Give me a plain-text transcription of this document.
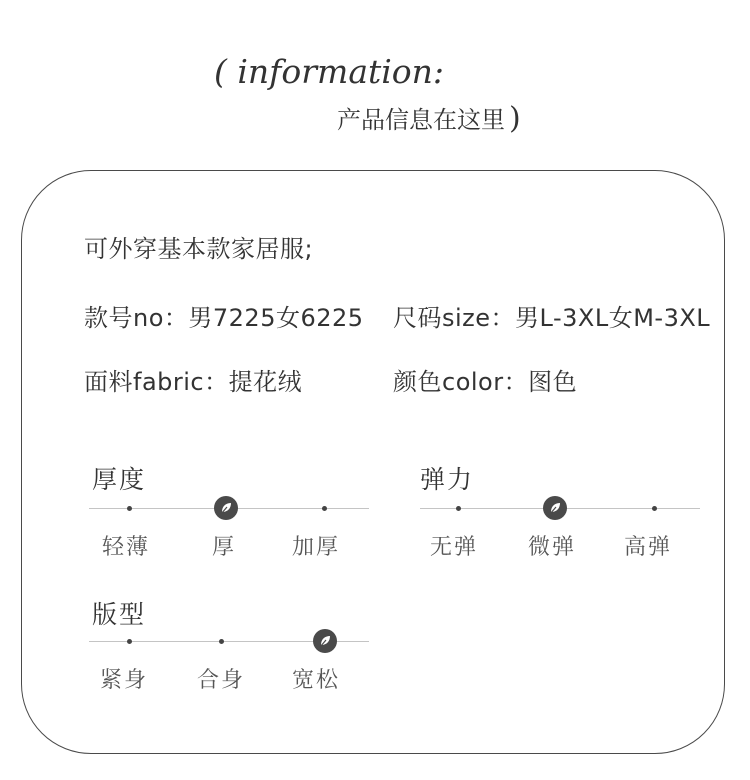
( information:
产品信息在这里 )
可外穿基本款家居服;
款号no：男7225女6225 尺码size：男L-3XL女M-3XL
面料fabric：提花绒	颜色color：图色
厚度
轻薄	厚	加厚
弹力
无弹 微弹 高弹
版型
紧身 合身 宽松
